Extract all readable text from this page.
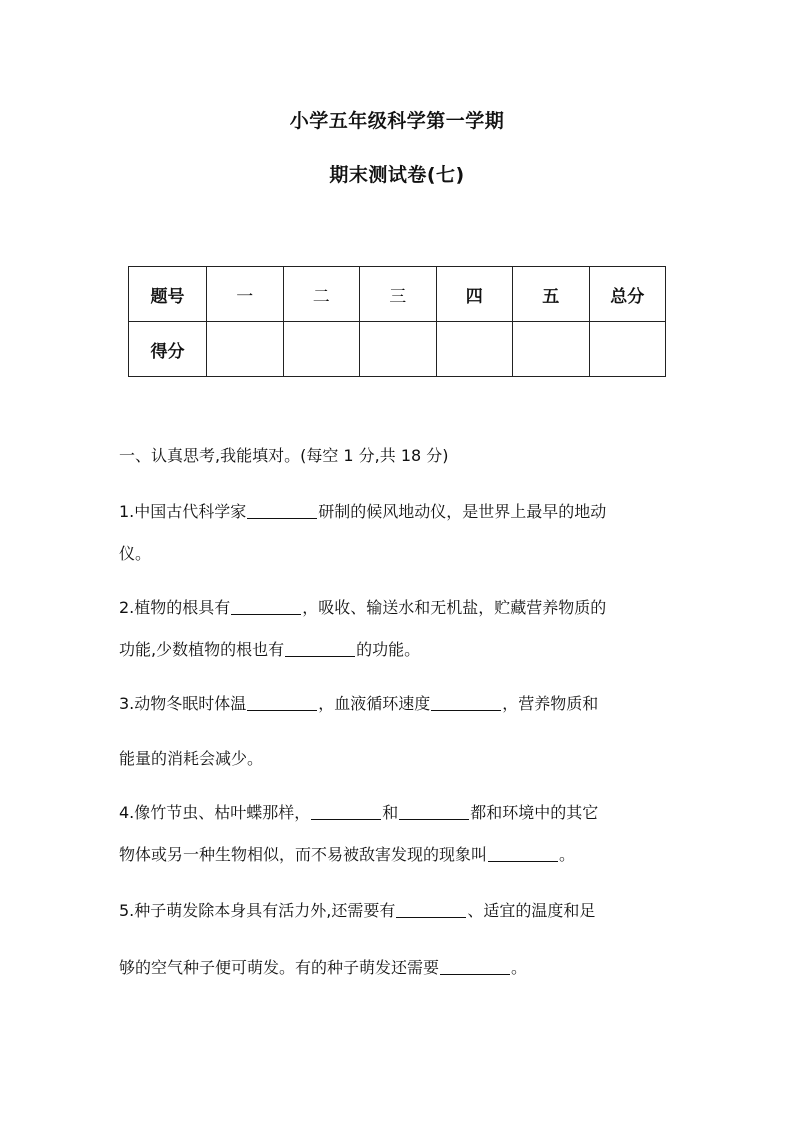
小学五年级科学第一学期
期末测试卷(七)
题号	一	二	三	四	五	总分
得分						
一、认真思考,我能填对。(每空 1 分,共 18 分)
1.中国古代科学家	研制的候风地动仪，是世界上最早的地动
仪。
2.植物的根具有	，吸收、输送水和无机盐，贮藏营养物质的
功能,少数植物的根也有	的功能。
3.动物冬眠时体温	，血液循环速度	，营养物质和
能量的消耗会减少。
4.像竹节虫、枯叶蝶那样，	和	都和环境中的其它
物体或另一种生物相似，而不易被敌害发现的现象叫	。
5.种子萌发除本身具有活力外,还需要有	、适宜的温度和足
够的空气种子便可萌发。有的种子萌发还需要	。
